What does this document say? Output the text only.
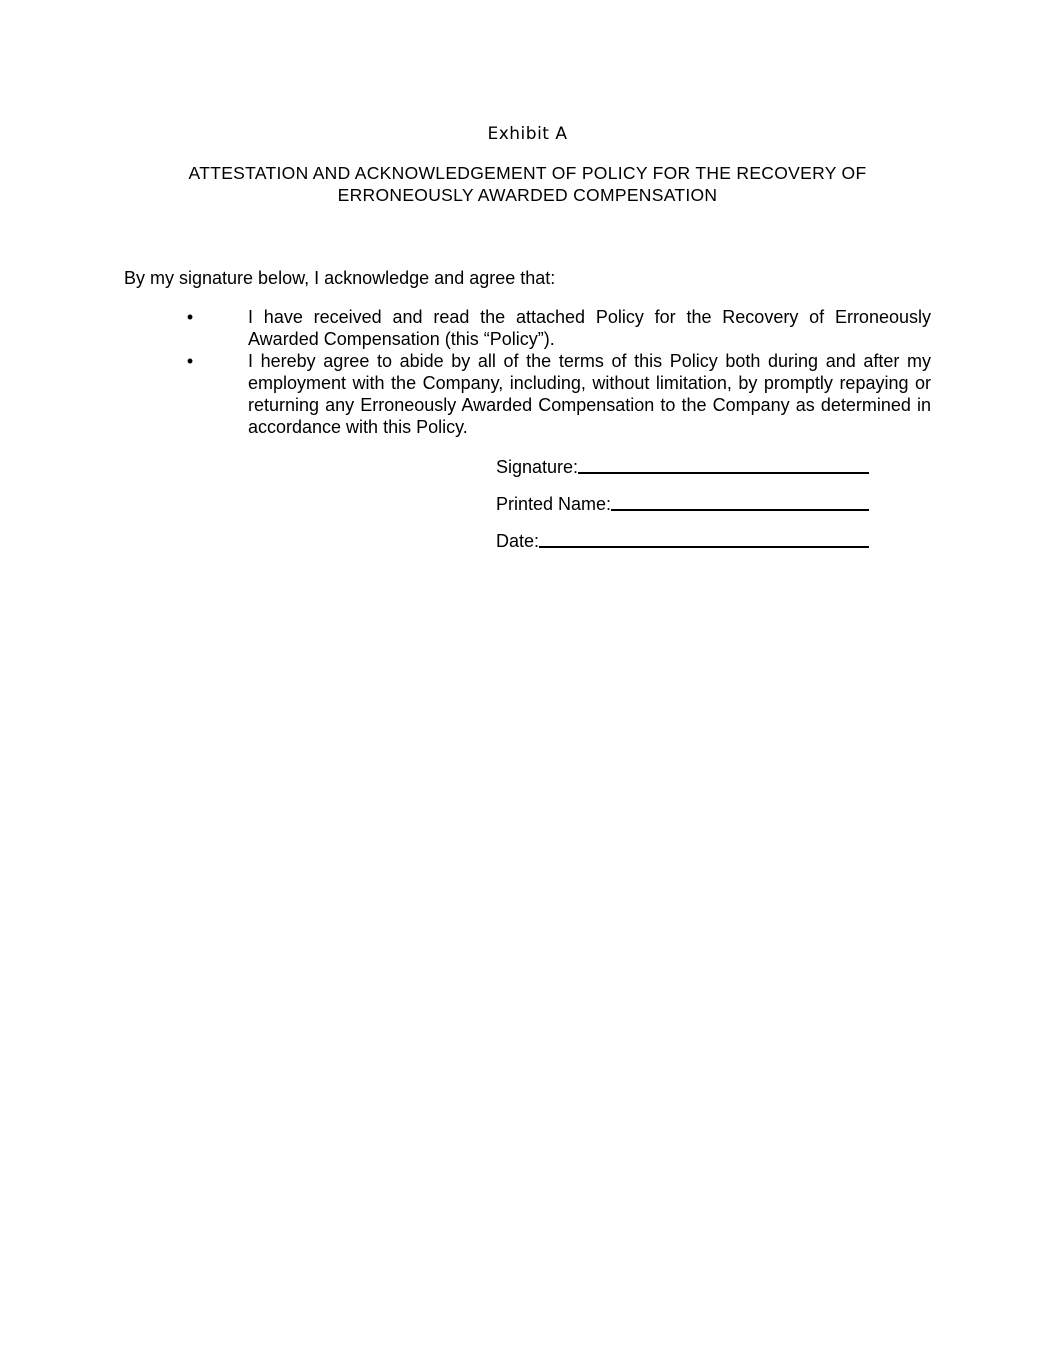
Exhibit A
ATTESTATION AND ACKNOWLEDGEMENT OF POLICY FOR THE RECOVERY OF
ERRONEOUSLY AWARDED COMPENSATION
By my signature below, I acknowledge and agree that:
•	I have received and read the attached Policy for the Recovery of Erroneously Awarded Compensation (this “Policy”).
•	I hereby agree to abide by all of the terms of this Policy both during and after my employment with the Company, including, without limitation, by promptly repaying or returning any Erroneously Awarded Compensation to the Company as determined in accordance with this Policy.
Signature:
Printed Name:
Date:
